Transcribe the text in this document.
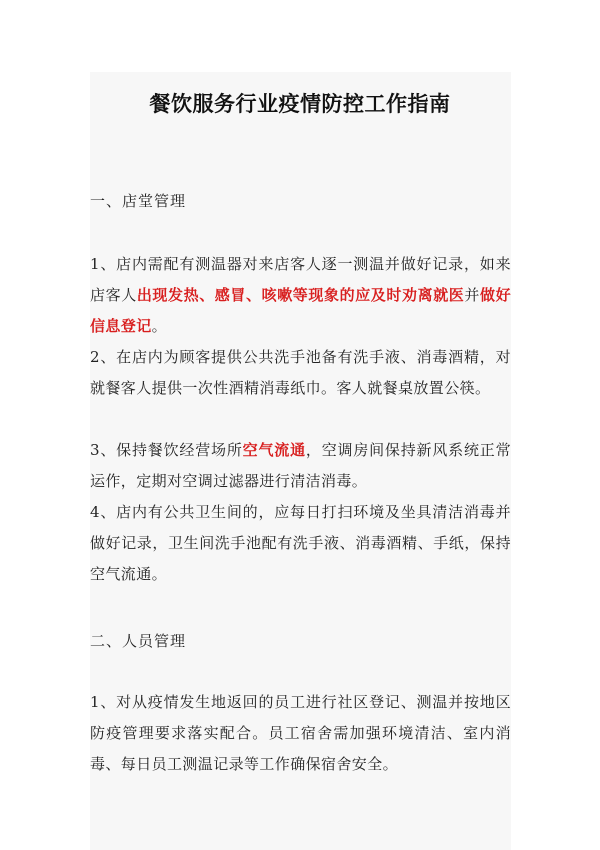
餐饮服务行业疫情防控工作指南
一、店堂管理
1、店内需配有测温器对来店客人逐一测温并做好记录，如来店客人出现发热、感冒、咳嗽等现象的应及时劝离就医并做好信息登记。
2、在店内为顾客提供公共洗手池备有洗手液、消毒酒精，对就餐客人提供一次性酒精消毒纸巾。客人就餐桌放置公筷。
3、保持餐饮经营场所空气流通，空调房间保持新风系统正常运作，定期对空调过滤器进行清洁消毒。
4、店内有公共卫生间的，应每日打扫环境及坐具清洁消毒并做好记录，卫生间洗手池配有洗手液、消毒酒精、手纸，保持空气流通。
二、人员管理
1、对从疫情发生地返回的员工进行社区登记、测温并按地区防疫管理要求落实配合。员工宿舍需加强环境清洁、室内消毒、每日员工测温记录等工作确保宿舍安全。
